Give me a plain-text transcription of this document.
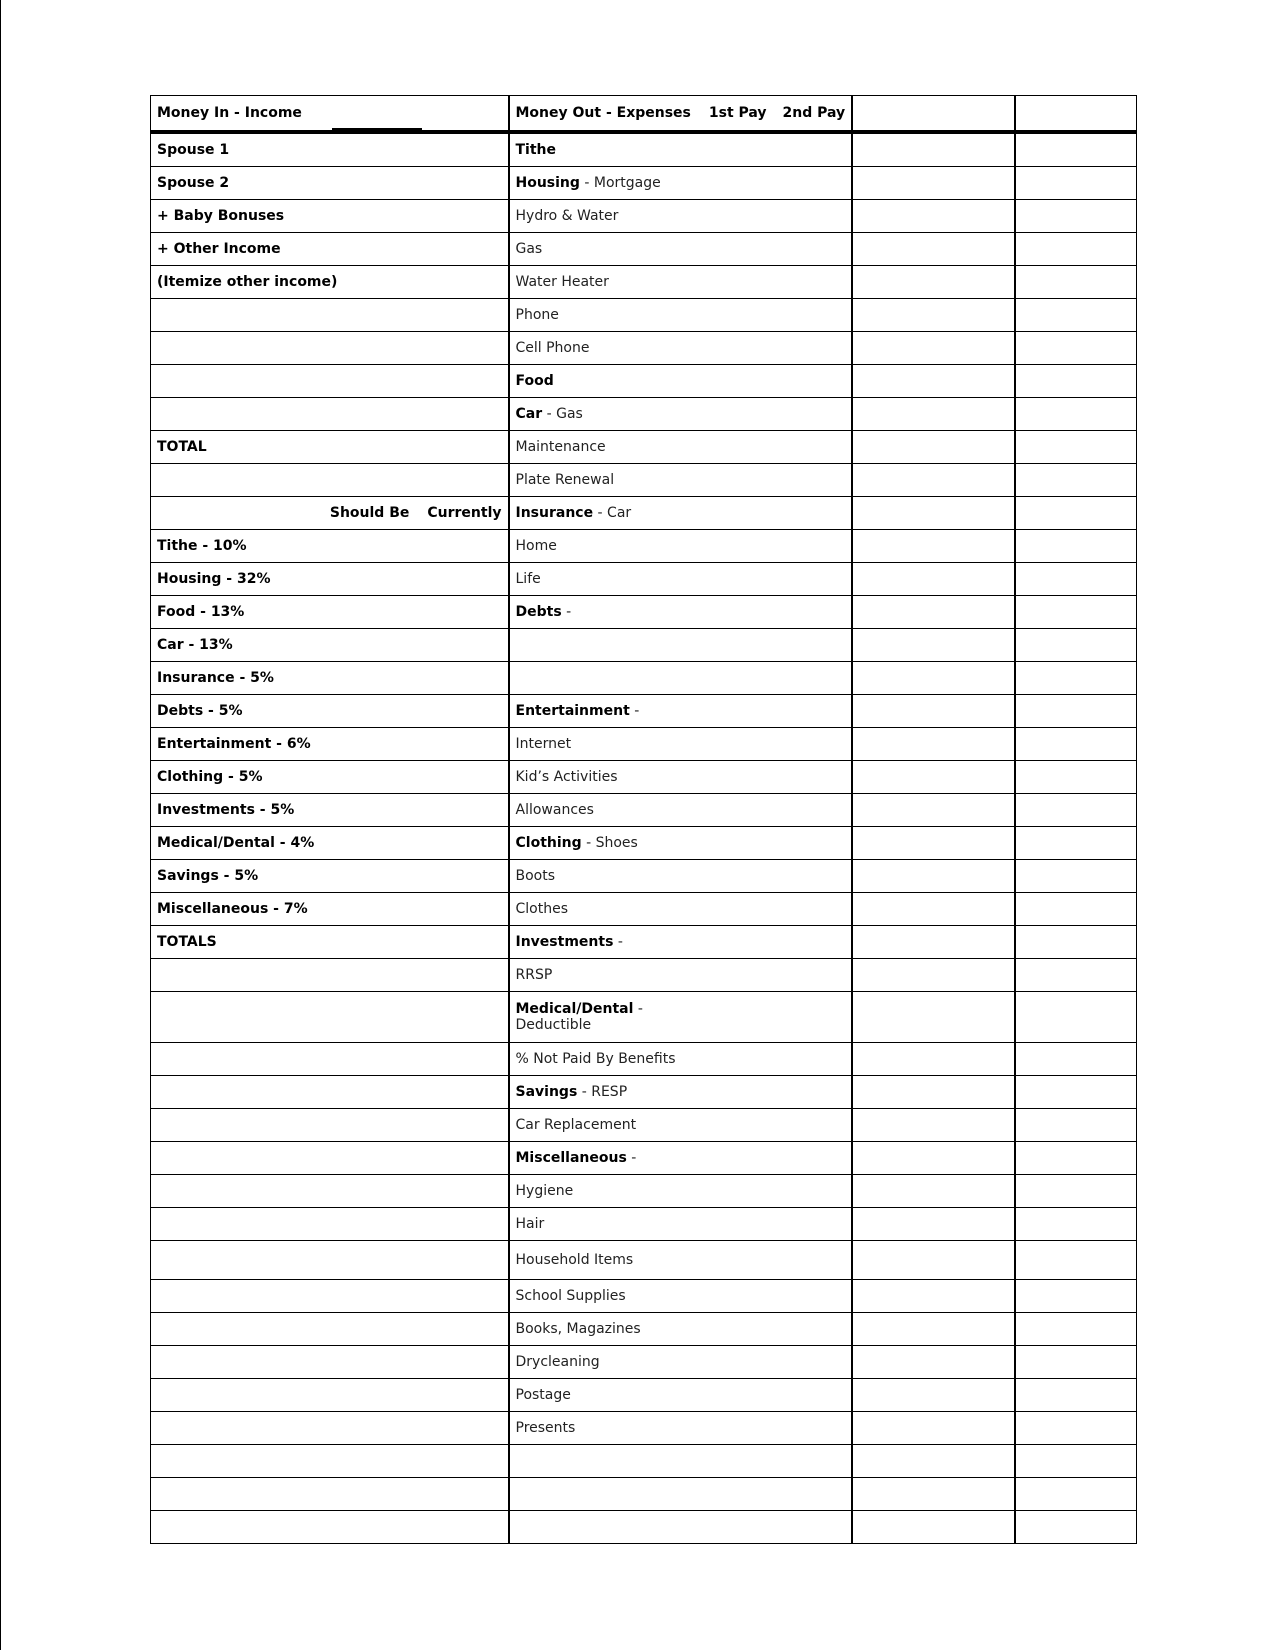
Money In - Income	Money Out - Expenses 1st Pay 2nd Pay		
Spouse 1	Tithe		
Spouse 2	Housing - Mortgage		
+ Baby Bonuses	Hydro & Water		
+ Other Income	Gas		
(Itemize other income)	Water Heater		
	Phone		
	Cell Phone		
	Food		
	Car - Gas		
TOTAL	Maintenance		
	Plate Renewal		
Should Be Currently	Insurance - Car		
Tithe - 10%	Home		
Housing - 32%	Life		
Food - 13%	Debts -		
Car - 13%			
Insurance - 5%			
Debts - 5%	Entertainment -		
Entertainment - 6%	Internet		
Clothing - 5%	Kid’s Activities		
Investments - 5%	Allowances		
Medical/Dental - 4%	Clothing - Shoes		
Savings - 5%	Boots		
Miscellaneous - 7%	Clothes		
TOTALS	Investments -		
	RRSP		
	Medical/Dental -
Deductible		
	% Not Paid By Benefits		
	Savings - RESP		
	Car Replacement		
	Miscellaneous -		
	Hygiene		
	Hair		
	Household Items		
	School Supplies		
	Books, Magazines		
	Drycleaning		
	Postage		
	Presents		
